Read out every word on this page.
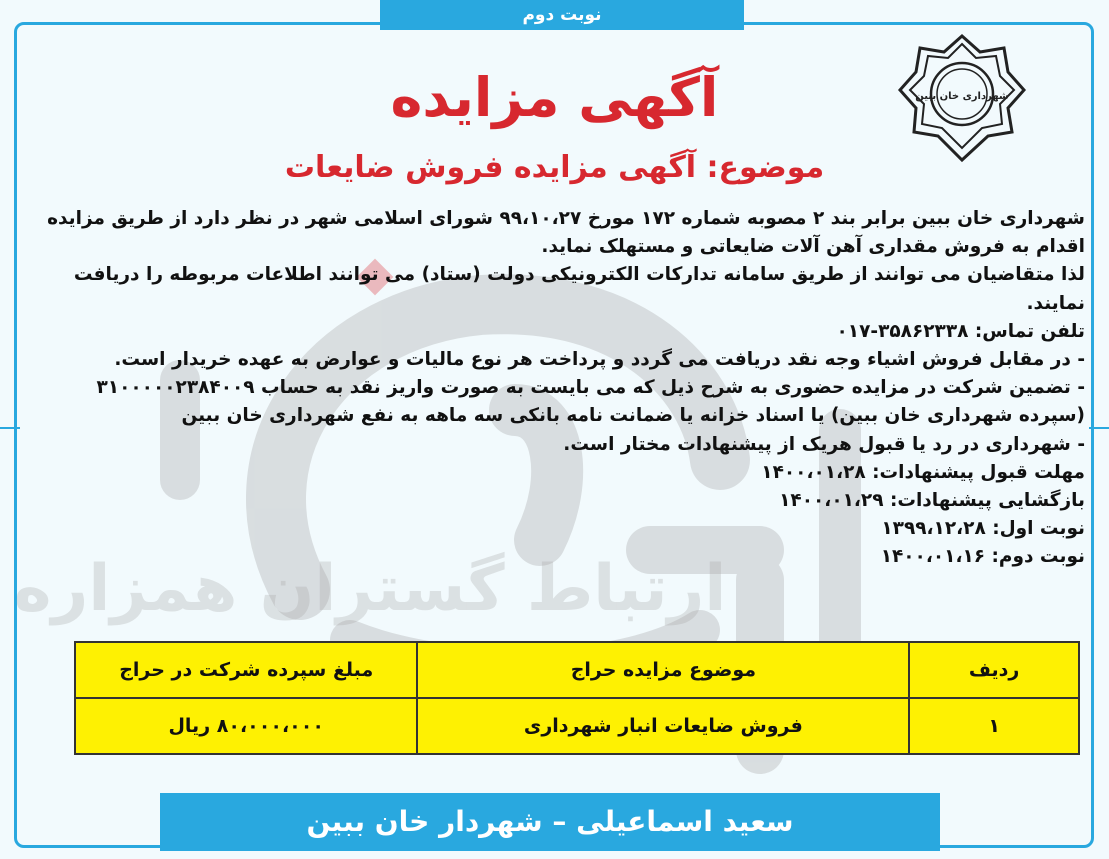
نوبت دوم
ارتباط گستران همزاره
شهرداری خان ببین
آگهی مزایده
موضوع: آگهی مزایده فروش ضایعات

شهرداری خان ببین برابر بند ۲ مصوبه شماره ۱۷۲ مورخ ۹۹،۱۰،۲۷ شورای اسلامی شهر در نظر دارد از طریق مزایده اقدام به فروش مقداری آهن آلات ضایعاتی و مستهلک نماید.

لذا متقاضیان می توانند از طریق سامانه تدارکات الکترونیکی دولت (ستاد) می توانند اطلاعات مربوطه را دریافت نمایند.

تلفن تماس: ۳۵۸۶۲۳۳۸-۰۱۷

- در مقابل فروش اشیاء وجه نقد دریافت می گردد و پرداخت هر نوع مالیات و عوارض به عهده خریدار است.

- تضمین شرکت در مزایده حضوری به شرح ذیل که می بایست به صورت واریز نقد به حساب ۳۱۰۰۰۰۰۲۳۸۴۰۰۹ (سپرده شهرداری خان ببین) یا اسناد خزانه یا ضمانت نامه بانکی سه ماهه به نفع شهرداری خان ببین

- شهرداری در رد یا قبول هریک از پیشنهادات مختار است.

مهلت قبول پیشنهادات: ۱۴۰۰،۰۱،۲۸

بازگشایی پیشنهادات: ۱۴۰۰،۰۱،۲۹

نوبت اول: ۱۳۹۹،۱۲،۲۸

نوبت دوم: ۱۴۰۰،۰۱،۱۶

ردیف	موضوع مزایده حراج	مبلغ سپرده شرکت در حراج
۱	فروش ضایعات انبار شهرداری	۸۰،۰۰۰،۰۰۰ ریال
سعید اسماعیلی – شهردار خان ببین
